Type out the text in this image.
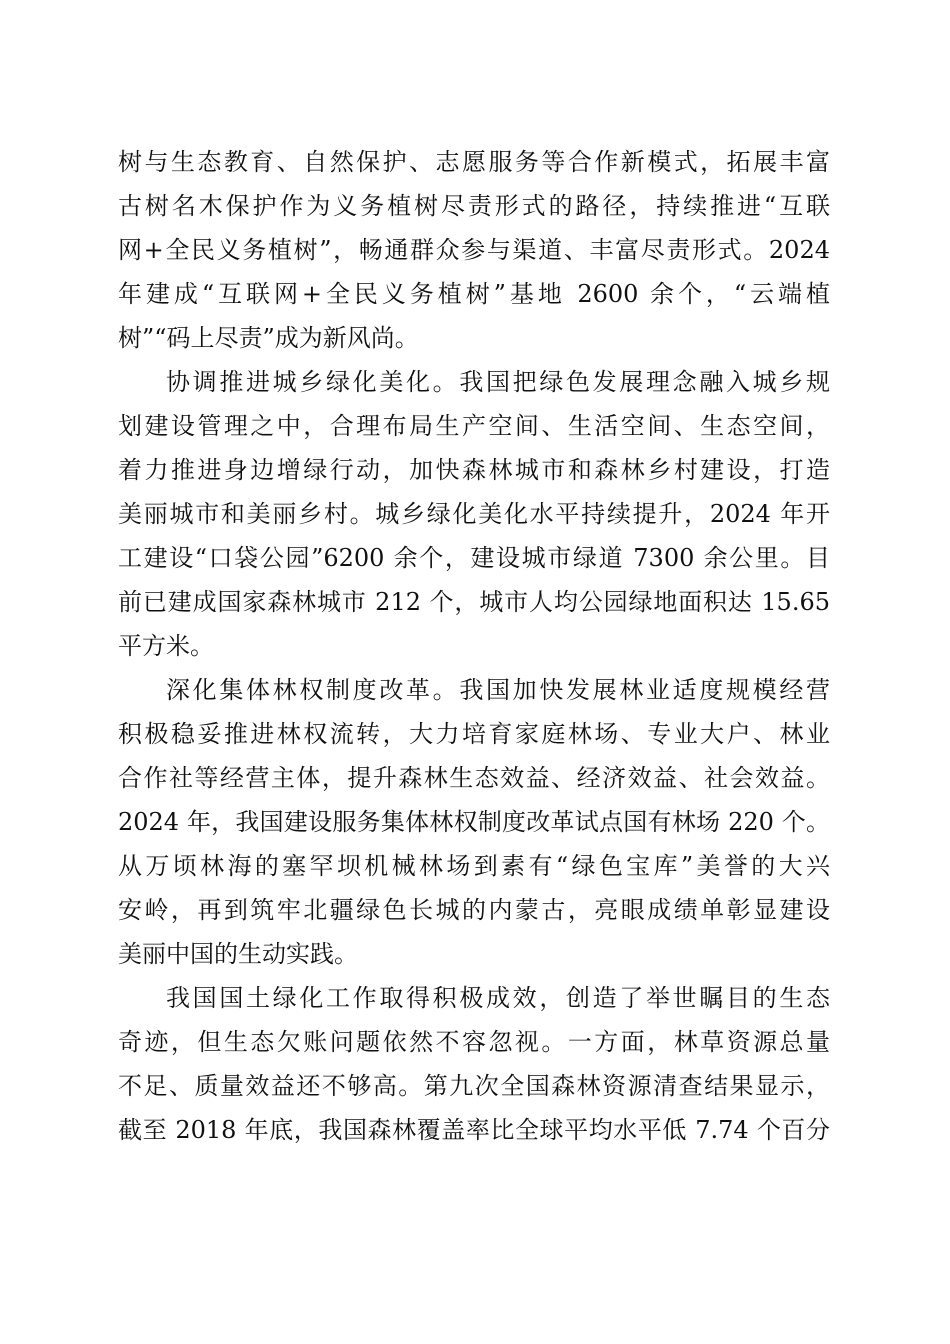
树与生态教育、自然保护、志愿服务等合作新模式，拓展丰富
古树名木保护作为义务植树尽责形式的路径，持续推进“互联
网+全民义务植树”，畅通群众参与渠道、丰富尽责形式。2024
年建成“互联网+全民义务植树”基地 2600 余个，“云端植
树”“码上尽责”成为新风尚。
协调推进城乡绿化美化。我国把绿色发展理念融入城乡规
划建设管理之中，合理布局生产空间、生活空间、生态空间，
着力推进身边增绿行动，加快森林城市和森林乡村建设，打造
美丽城市和美丽乡村。城乡绿化美化水平持续提升，2024 年开
工建设“口袋公园”6200 余个，建设城市绿道 7300 余公里。目
前已建成国家森林城市 212 个，城市人均公园绿地面积达 15.65
平方米。
深化集体林权制度改革。我国加快发展林业适度规模经营
积极稳妥推进林权流转，大力培育家庭林场、专业大户、林业
合作社等经营主体，提升森林生态效益、经济效益、社会效益。
2024 年，我国建设服务集体林权制度改革试点国有林场 220 个。
从万顷林海的塞罕坝机械林场到素有“绿色宝库”美誉的大兴
安岭，再到筑牢北疆绿色长城的内蒙古，亮眼成绩单彰显建设
美丽中国的生动实践。
我国国土绿化工作取得积极成效，创造了举世瞩目的生态
奇迹，但生态欠账问题依然不容忽视。一方面，林草资源总量
不足、质量效益还不够高。第九次全国森林资源清查结果显示，
截至 2018 年底，我国森林覆盖率比全球平均水平低 7.74 个百分
